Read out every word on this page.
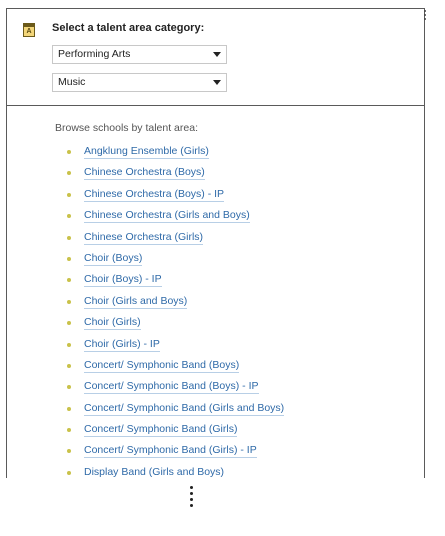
A Select a talent area category:
Performing Arts
Music
Browse schools by talent area:
Angklung Ensemble (Girls)
Chinese Orchestra (Boys)
Chinese Orchestra (Boys) - IP
Chinese Orchestra (Girls and Boys)
Chinese Orchestra (Girls)
Choir (Boys)
Choir (Boys) - IP
Choir (Girls and Boys)
Choir (Girls)
Choir (Girls) - IP
Concert/ Symphonic Band (Boys)
Concert/ Symphonic Band (Boys) - IP
Concert/ Symphonic Band (Girls and Boys)
Concert/ Symphonic Band (Girls)
Concert/ Symphonic Band (Girls) - IP
Display Band (Girls and Boys)
